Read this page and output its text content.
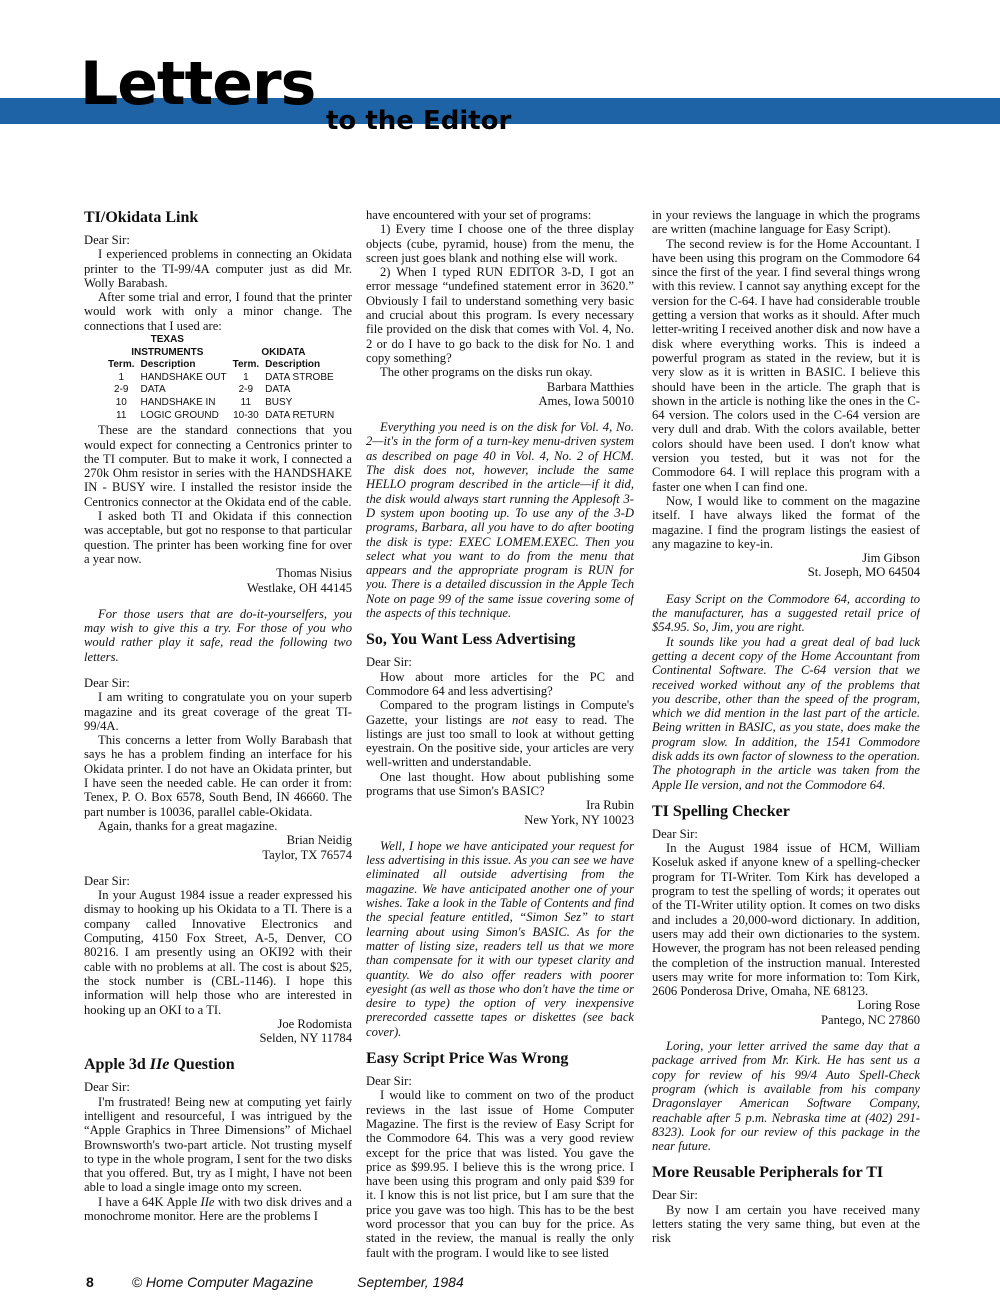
Letters
to the Editor
TI/Okidata Link

Dear Sir:

I experienced problems in connecting an Okidata printer to the TI-99/4A computer just as did Mr. Wolly Barabash.

After some trial and error, I found that the printer would work with only a minor change. The connections that I used are:

TEXAS			
INSTRUMENTS		OKIDATA	
Term.	Description	Term.	Description
1	HANDSHAKE OUT	1	DATA STROBE
2-9	DATA	2-9	DATA
10	HANDSHAKE IN	11	BUSY
11	LOGIC GROUND	10-30	DATA RETURN

These are the standard connections that you would expect for connecting a Centronics printer to the TI computer. But to make it work, I connected a 270k Ohm resistor in series with the HANDSHAKE IN - BUSY wire. I installed the resistor inside the Centronics connector at the Okidata end of the cable.

I asked both TI and Okidata if this connection was acceptable, but got no response to that particular question. The printer has been working fine for over a year now.

Thomas Nisius

Westlake, OH 44145

For those users that are do-it-yourselfers, you may wish to give this a try. For those of you who would rather play it safe, read the following two letters.

Dear Sir:

I am writing to congratulate you on your superb magazine and its great coverage of the great TI-99/4A.

This concerns a letter from Wolly Barabash that says he has a problem finding an interface for his Okidata printer. I do not have an Okidata printer, but I have seen the needed cable. He can order it from: Tenex, P. O. Box 6578, South Bend, IN 46660. The part number is 10036, parallel cable-Okidata.

Again, thanks for a great magazine.

Brian Neidig

Taylor, TX 76574

Dear Sir:

In your August 1984 issue a reader expressed his dismay to hooking up his Okidata to a TI. There is a company called Innovative Electronics and Computing, 4150 Fox Street, A-5, Denver, CO 80216. I am presently using an OKI92 with their cable with no problems at all. The cost is about $25, the stock number is (CBL-1146). I hope this information will help those who are interested in hooking up an OKI to a TI.

Joe Rodomista

Selden, NY 11784

Apple 3d IIe Question

Dear Sir:

I'm frustrated! Being new at computing yet fairly intelligent and resourceful, I was intrigued by the “Apple Graphics in Three Dimensions” of Michael Brownsworth's two-part article. Not trusting myself to type in the whole program, I sent for the two disks that you offered. But, try as I might, I have not been able to load a single image onto my screen.

I have a 64K Apple IIe with two disk drives and a monochrome monitor. Here are the problems I

have encountered with your set of programs:

1) Every time I choose one of the three display objects (cube, pyramid, house) from the menu, the screen just goes blank and nothing else will work.

2) When I typed RUN EDITOR 3-D, I got an error message “undefined statement error in 3620.” Obviously I fail to understand something very basic and crucial about this program. Is every necessary file provided on the disk that comes with Vol. 4, No. 2 or do I have to go back to the disk for No. 1 and copy something?

The other programs on the disks run okay.

Barbara Matthies

Ames, Iowa 50010

Everything you need is on the disk for Vol. 4, No. 2—it's in the form of a turn-key menu-driven system as described on page 40 in Vol. 4, No. 2 of HCM. The disk does not, however, include the same HELLO program described in the article—if it did, the disk would always start running the Applesoft 3-D system upon booting up. To use any of the 3-D programs, Barbara, all you have to do after booting the disk is type: EXEC LOMEM.EXEC. Then you select what you want to do from the menu that appears and the appropriate program is RUN for you. There is a detailed discussion in the Apple Tech Note on page 99 of the same issue covering some of the aspects of this technique.

So, You Want Less Advertising

Dear Sir:

How about more articles for the PC and Commodore 64 and less advertising?

Compared to the program listings in Compute's Gazette, your listings are not easy to read. The listings are just too small to look at without getting eyestrain. On the positive side, your articles are very well-written and understandable.

One last thought. How about publishing some programs that use Simon's BASIC?

Ira Rubin

New York, NY 10023

Well, I hope we have anticipated your request for less advertising in this issue. As you can see we have eliminated all outside advertising from the magazine. We have anticipated another one of your wishes. Take a look in the Table of Contents and find the special feature entitled, “Simon Sez” to start learning about using Simon's BASIC. As for the matter of listing size, readers tell us that we more than compensate for it with our typeset clarity and quantity. We do also offer readers with poorer eyesight (as well as those who don't have the time or desire to type) the option of very inexpensive prerecorded cassette tapes or diskettes (see back cover).

Easy Script Price Was Wrong

Dear Sir:

I would like to comment on two of the product reviews in the last issue of Home Computer Magazine. The first is the review of Easy Script for the Commodore 64. This was a very good review except for the price that was listed. You gave the price as $99.95. I believe this is the wrong price. I have been using this program and only paid $39 for it. I know this is not list price, but I am sure that the price you gave was too high. This has to be the best word processor that you can buy for the price. As stated in the review, the manual is really the only fault with the program. I would like to see listed

in your reviews the language in which the programs are written (machine language for Easy Script).

The second review is for the Home Accountant. I have been using this program on the Commodore 64 since the first of the year. I find several things wrong with this review. I cannot say anything except for the version for the C-64. I have had considerable trouble getting a version that works as it should. After much letter-writing I received another disk and now have a disk where everything works. This is indeed a powerful program as stated in the review, but it is very slow as it is written in BASIC. I believe this should have been in the article. The graph that is shown in the article is nothing like the ones in the C-64 version. The colors used in the C-64 version are very dull and drab. With the colors available, better colors should have been used. I don't know what version you tested, but it was not for the Commodore 64. I will replace this program with a faster one when I can find one.

Now, I would like to comment on the magazine itself. I have always liked the format of the magazine. I find the program listings the easiest of any magazine to key-in.

Jim Gibson

St. Joseph, MO 64504

Easy Script on the Commodore 64, according to the manufacturer, has a suggested retail price of $54.95. So, Jim, you are right.

It sounds like you had a great deal of bad luck getting a decent copy of the Home Accountant from Continental Software. The C-64 version that we received worked without any of the problems that you describe, other than the speed of the program, which we did mention in the last part of the article. Being written in BASIC, as you state, does make the program slow. In addition, the 1541 Commodore disk adds its own factor of slowness to the operation. The photograph in the article was taken from the Apple IIe version, and not the Commodore 64.

TI Spelling Checker

Dear Sir:

In the August 1984 issue of HCM, William Koseluk asked if anyone knew of a spelling-checker program for TI-Writer. Tom Kirk has developed a program to test the spelling of words; it operates out of the TI-Writer utility option. It comes on two disks and includes a 20,000-word dictionary. In addition, users may add their own dictionaries to the system. However, the program has not been released pending the completion of the instruction manual. Interested users may write for more information to: Tom Kirk, 2606 Ponderosa Drive, Omaha, NE 68123.

Loring Rose

Pantego, NC 27860

Loring, your letter arrived the same day that a package arrived from Mr. Kirk. He has sent us a copy for review of his 99/4 Auto Spell-Check program (which is available from his company Dragonslayer American Software Company, reachable after 5 p.m. Nebraska time at (402) 291-8323). Look for our review of this package in the near future.

More Reusable Peripherals for TI

Dear Sir:

By now I am certain you have received many letters stating the very same thing, but even at the risk

8	© Home Computer Magazine	September, 1984
